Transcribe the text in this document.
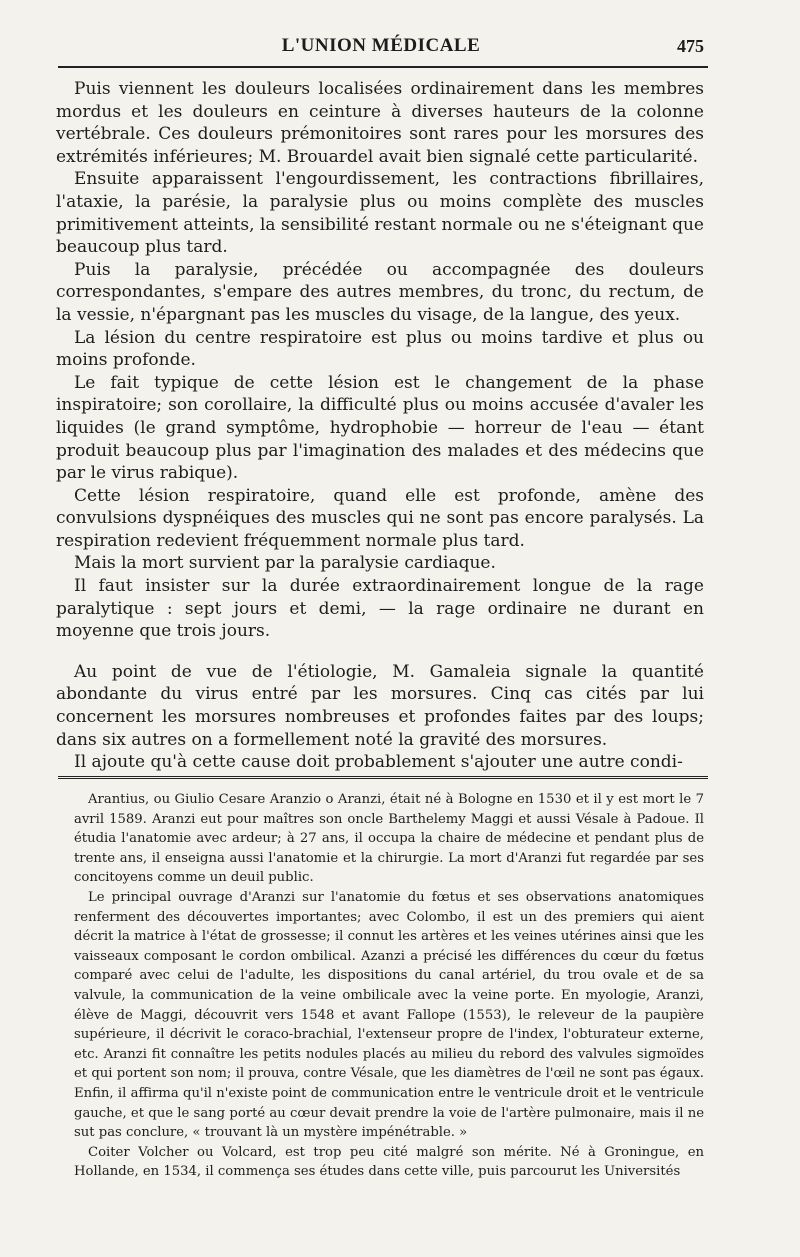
L'UNION MÉDICALE	475

Puis viennent les douleurs localisées ordinairement dans les membres mordus et les douleurs en ceinture à diverses hauteurs de la colonne vertébrale. Ces douleurs prémonitoires sont rares pour les morsures des extrémités inférieures; M. Brouardel avait bien signalé cette particularité.

Ensuite apparaissent l'engourdissement, les contractions fibrillaires, l'ataxie, la parésie, la paralysie plus ou moins complète des muscles primitivement atteints, la sensibilité restant normale ou ne s'éteignant que beaucoup plus tard.

Puis la paralysie, précédée ou accompagnée des douleurs correspondantes, s'empare des autres membres, du tronc, du rectum, de la vessie, n'épargnant pas les muscles du visage, de la langue, des yeux.

La lésion du centre respiratoire est plus ou moins tardive et plus ou moins profonde.

Le fait typique de cette lésion est le changement de la phase inspiratoire; son corollaire, la difficulté plus ou moins accusée d'avaler les liquides (le grand symptôme, hydrophobie — horreur de l'eau — étant produit beaucoup plus par l'imagination des malades et des médecins que par le virus rabique).

Cette lésion respiratoire, quand elle est profonde, amène des convulsions dyspnéiques des muscles qui ne sont pas encore paralysés. La respiration redevient fréquemment normale plus tard.

Mais la mort survient par la paralysie cardiaque.

Il faut insister sur la durée extraordinairement longue de la rage paralytique : sept jours et demi, — la rage ordinaire ne durant en moyenne que trois jours.

Au point de vue de l'étiologie, M. Gamaleia signale la quantité abondante du virus entré par les morsures. Cinq cas cités par lui concernent les morsures nombreuses et profondes faites par des loups; dans six autres on a formellement noté la gravité des morsures.

Il ajoute qu'à cette cause doit probablement s'ajouter une autre condi-

Arantius, ou Giulio Cesare Aranzio o Aranzi, était né à Bologne en 1530 et il y est mort le 7 avril 1589. Aranzi eut pour maîtres son oncle Barthelemy Maggi et aussi Vésale à Padoue. Il étudia l'anatomie avec ardeur; à 27 ans, il occupa la chaire de médecine et pendant plus de trente ans, il enseigna aussi l'anatomie et la chirurgie. La mort d'Aranzi fut regardée par ses concitoyens comme un deuil public.

Le principal ouvrage d'Aranzi sur l'anatomie du fœtus et ses observations anatomiques renferment des découvertes importantes; avec Colombo, il est un des premiers qui aient décrit la matrice à l'état de grossesse; il connut les artères et les veines utérines ainsi que les vaisseaux composant le cordon ombilical. Azanzi a précisé les différences du cœur du fœtus comparé avec celui de l'adulte, les dispositions du canal artériel, du trou ovale et de sa valvule, la communication de la veine ombilicale avec la veine porte. En myologie, Aranzi, élève de Maggi, découvrit vers 1548 et avant Fallope (1553), le releveur de la paupière supérieure, il décrivit le coraco-brachial, l'extenseur propre de l'index, l'obturateur externe, etc. Aranzi fit connaître les petits nodules placés au milieu du rebord des valvules sigmoïdes et qui portent son nom; il prouva, contre Vésale, que les diamètres de l'œil ne sont pas égaux. Enfin, il affirma qu'il n'existe point de communication entre le ventricule droit et le ventricule gauche, et que le sang porté au cœur devait prendre la voie de l'artère pulmonaire, mais il ne sut pas conclure, « trouvant là un mystère impénétrable. »

Coiter Volcher ou Volcard, est trop peu cité malgré son mérite. Né à Groningue, en Hollande, en 1534, il commença ses études dans cette ville, puis parcourut les Universités
